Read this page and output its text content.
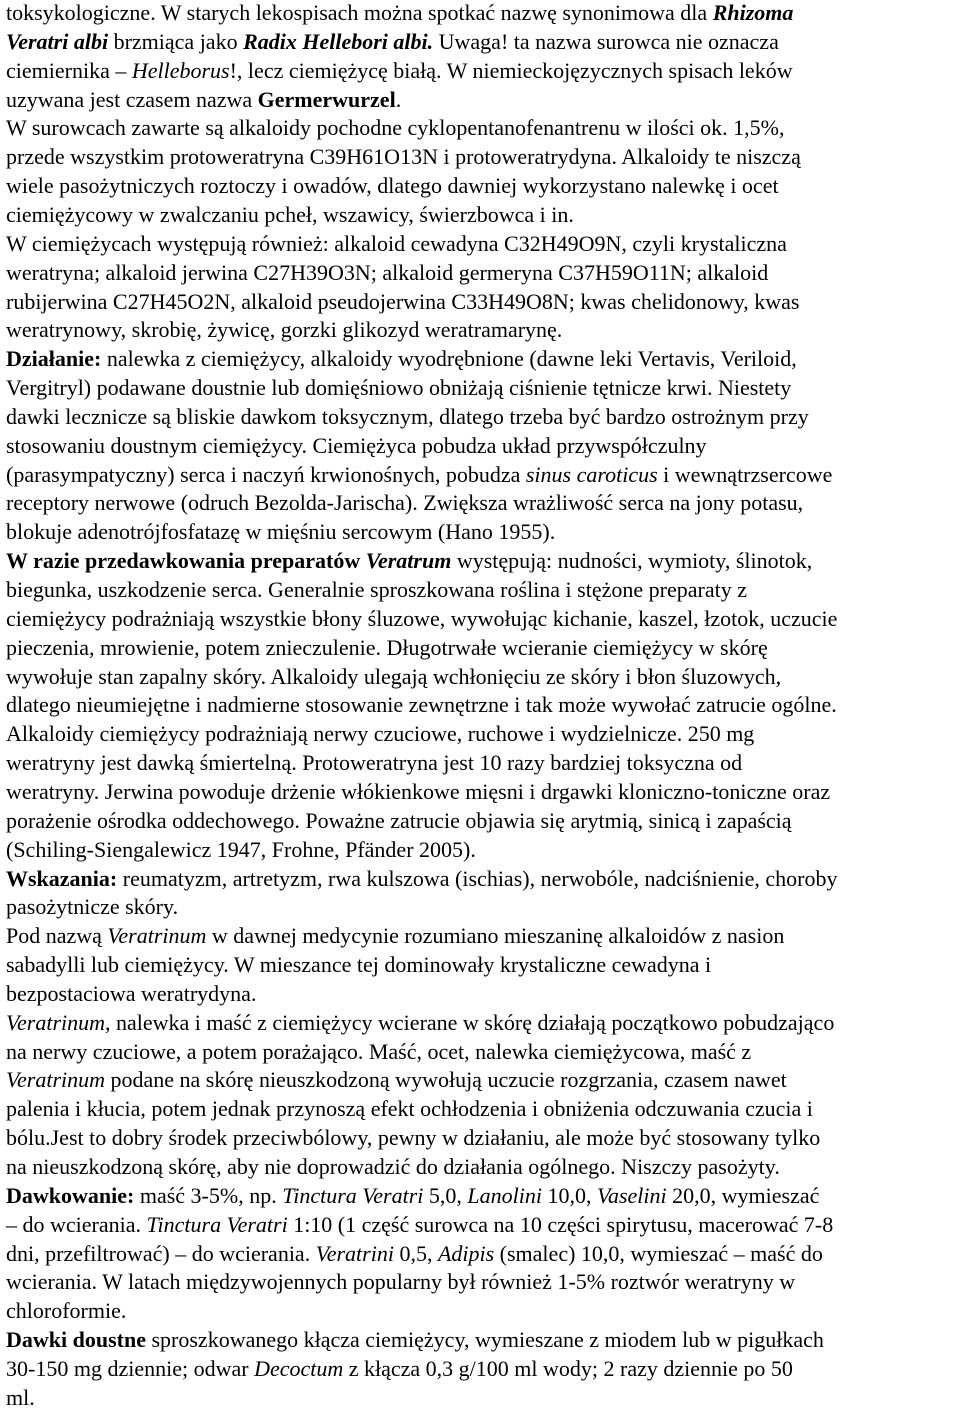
toksykologiczne. W starych lekospisach można spotkać nazwę synonimowa dla Rhizoma
Veratri albi brzmiąca jako Radix Hellebori albi. Uwaga! ta nazwa surowca nie oznacza
ciemiernika – Helleborus!, lecz ciemiężycę białą. W niemieckojęzycznych spisach leków
uzywana jest czasem nazwa Germerwurzel.
W surowcach zawarte są alkaloidy pochodne cyklopentanofenantrenu w ilości ok. 1,5%,
przede wszystkim protoweratryna C39H61O13N i protoweratrydyna. Alkaloidy te niszczą
wiele pasożytniczych roztoczy i owadów, dlatego dawniej wykorzystano nalewkę i ocet
ciemiężycowy w zwalczaniu pcheł, wszawicy, świerzbowca i in.
W ciemiężycach występują również: alkaloid cewadyna C32H49O9N, czyli krystaliczna
weratryna; alkaloid jerwina C27H39O3N; alkaloid germeryna C37H59O11N; alkaloid
rubijerwina C27H45O2N, alkaloid pseudojerwina C33H49O8N; kwas chelidonowy, kwas
weratrynowy, skrobię, żywicę, gorzki glikozyd weratramarynę.
Działanie: nalewka z ciemiężycy, alkaloidy wyodrębnione (dawne leki Vertavis, Veriloid,
Vergitryl) podawane doustnie lub domięśniowo obniżają ciśnienie tętnicze krwi. Niestety
dawki lecznicze są bliskie dawkom toksycznym, dlatego trzeba być bardzo ostrożnym przy
stosowaniu doustnym ciemiężycy. Ciemiężyca pobudza układ przywspółczulny
(parasympatyczny) serca i naczyń krwionośnych, pobudza sinus caroticus i wewnątrzsercowe
receptory nerwowe (odruch Bezolda-Jarischa). Zwiększa wrażliwość serca na jony potasu,
blokuje adenotrójfosfatazę w mięśniu sercowym (Hano 1955).
W razie przedawkowania preparatów Veratrum występują: nudności, wymioty, ślinotok,
biegunka, uszkodzenie serca. Generalnie sproszkowana roślina i stężone preparaty z
ciemiężycy podrażniają wszystkie błony śluzowe, wywołując kichanie, kaszel, łzotok, uczucie
pieczenia, mrowienie, potem znieczulenie. Długotrwałe wcieranie ciemiężycy w skórę
wywołuje stan zapalny skóry. Alkaloidy ulegają wchłonięciu ze skóry i błon śluzowych,
dlatego nieumiejętne i nadmierne stosowanie zewnętrzne i tak może wywołać zatrucie ogólne.
Alkaloidy ciemiężycy podrażniają nerwy czuciowe, ruchowe i wydzielnicze. 250 mg
weratryny jest dawką śmiertelną. Protoweratryna jest 10 razy bardziej toksyczna od
weratryny. Jerwina powoduje drżenie włókienkowe mięsni i drgawki kloniczno-toniczne oraz
porażenie ośrodka oddechowego. Poważne zatrucie objawia się arytmią, sinicą i zapaścią
(Schiling-Siengalewicz 1947, Frohne, Pfänder 2005).
Wskazania: reumatyzm, artretyzm, rwa kulszowa (ischias), nerwobóle, nadciśnienie, choroby
pasożytnicze skóry.
Pod nazwą Veratrinum w dawnej medycynie rozumiano mieszaninę alkaloidów z nasion
sabadylli lub ciemiężycy. W mieszance tej dominowały krystaliczne cewadyna i
bezpostaciowa weratrydyna.
Veratrinum, nalewka i maść z ciemiężycy wcierane w skórę działają początkowo pobudzająco
na nerwy czuciowe, a potem porażająco. Maść, ocet, nalewka ciemiężycowa, maść z
Veratrinum podane na skórę nieuszkodzoną wywołują uczucie rozgrzania, czasem nawet
palenia i kłucia, potem jednak przynoszą efekt ochłodzenia i obniżenia odczuwania czucia i
bólu.Jest to dobry środek przeciwbólowy, pewny w działaniu, ale może być stosowany tylko
na nieuszkodzoną skórę, aby nie doprowadzić do działania ogólnego. Niszczy pasożyty.
Dawkowanie: maść 3-5%, np. Tinctura Veratri 5,0, Lanolini 10,0, Vaselini 20,0, wymieszać
– do wcierania. Tinctura Veratri 1:10 (1 część surowca na 10 części spirytusu, macerować 7-8
dni, przefiltrować) – do wcierania. Veratrini 0,5, Adipis (smalec) 10,0, wymieszać – maść do
wcierania. W latach międzywojennych popularny był również 1-5% roztwór weratryny w
chloroformie.
Dawki doustne sproszkowanego kłącza ciemiężycy, wymieszane z miodem lub w pigułkach
30-150 mg dziennie; odwar Decoctum z kłącza 0,3 g/100 ml wody; 2 razy dziennie po 50
ml.
